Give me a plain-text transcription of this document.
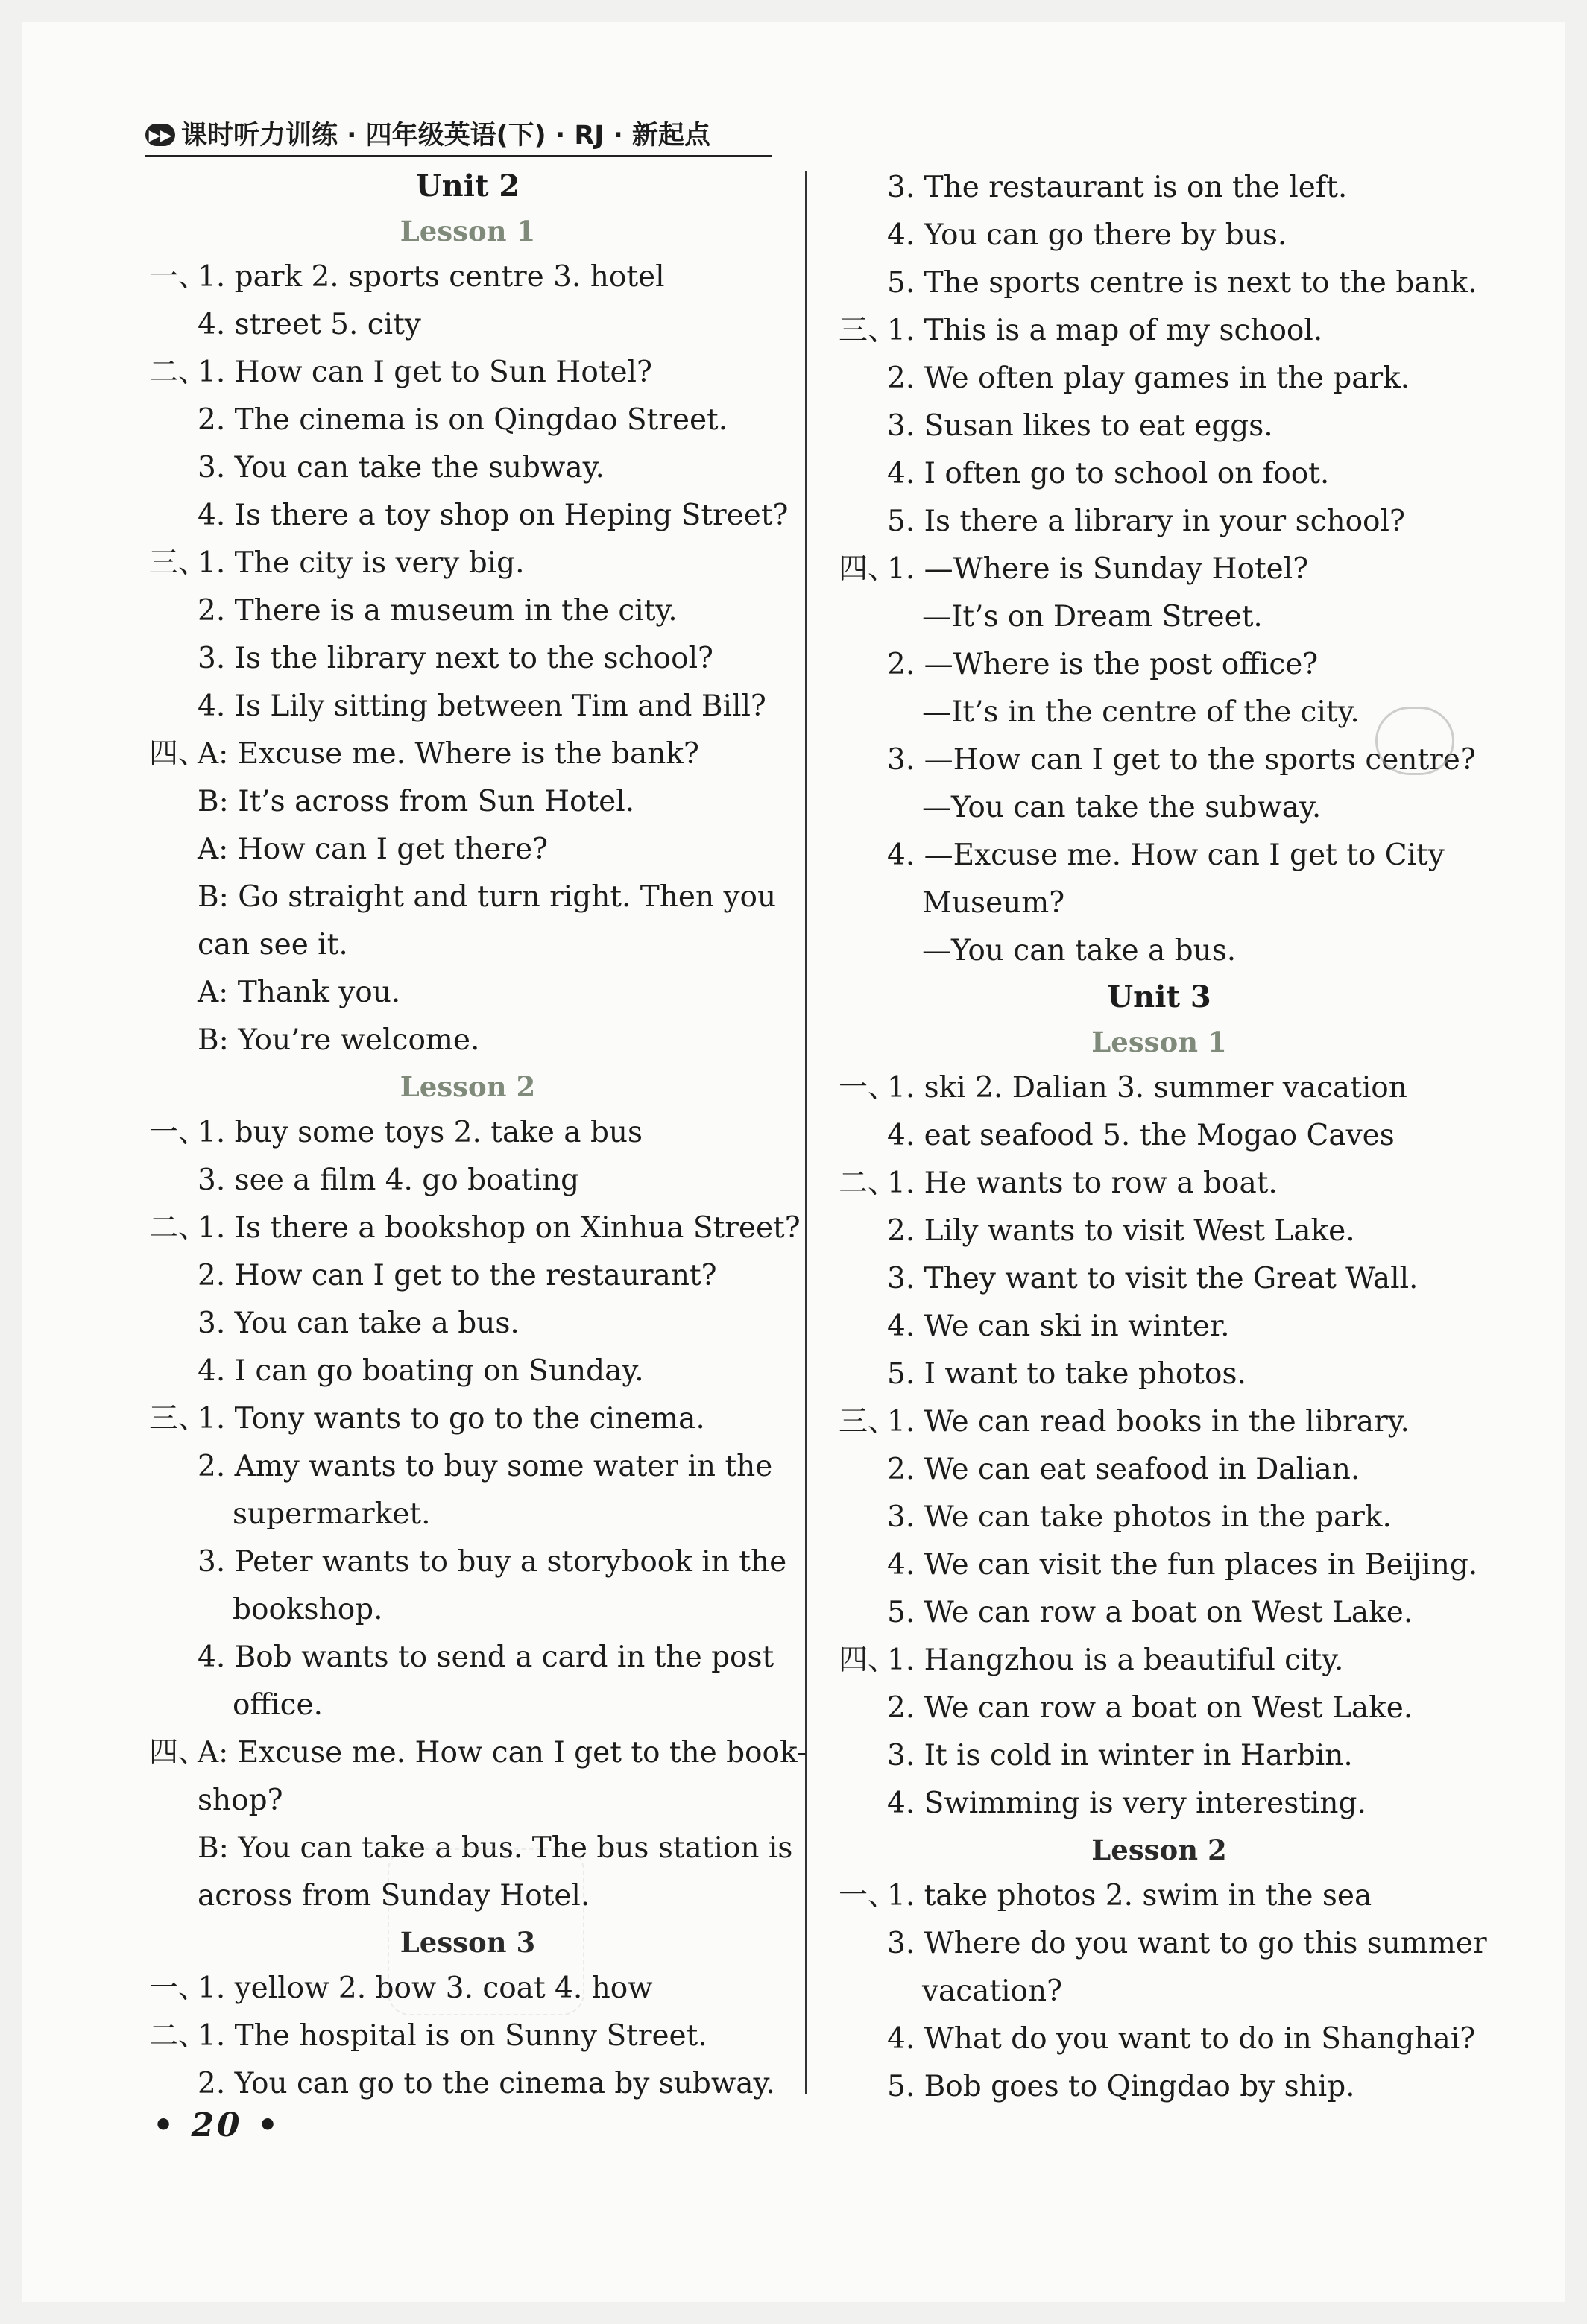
▶▶ 课时听力训练 · 四年级英语(下) · RJ · 新起点
Unit 2
Lesson 1
一、
1. park 2. sports centre 3. hotel
4. street 5. city
二、
1. How can I get to Sun Hotel?
2. The cinema is on Qingdao Street.
3. You can take the subway.
4. Is there a toy shop on Heping Street?
三、
1. The city is very big.
2. There is a museum in the city.
3. Is the library next to the school?
4. Is Lily sitting between Tim and Bill?
四、
A: Excuse me. Where is the bank?
B: It’s across from Sun Hotel.
A: How can I get there?
B: Go straight and turn right. Then you
can see it.
A: Thank you.
B: You’re welcome.
Lesson 2
一、
1. buy some toys 2. take a bus
3. see a film 4. go boating
二、
1. Is there a bookshop on Xinhua Street?
2. How can I get to the restaurant?
3. You can take a bus.
4. I can go boating on Sunday.
三、
1. Tony wants to go to the cinema.
2. Amy wants to buy some water in the
supermarket.
3. Peter wants to buy a storybook in the
bookshop.
4. Bob wants to send a card in the post
office.
四、
A: Excuse me. How can I get to the book-
shop?
B: You can take a bus. The bus station is
across from Sunday Hotel.
Lesson 3
一、
1. yellow 2. bow 3. coat 4. how
二、
1. The hospital is on Sunny Street.
2. You can go to the cinema by subway.
3. The restaurant is on the left.
4. You can go there by bus.
5. The sports centre is next to the bank.
三、
1. This is a map of my school.
2. We often play games in the park.
3. Susan likes to eat eggs.
4. I often go to school on foot.
5. Is there a library in your school?
四、
1. —Where is Sunday Hotel?
—It’s on Dream Street.
2. —Where is the post office?
—It’s in the centre of the city.
3. —How can I get to the sports centre?
—You can take the subway.
4. —Excuse me. How can I get to City
Museum?
—You can take a bus.
Unit 3
Lesson 1
一、
1. ski 2. Dalian 3. summer vacation
4. eat seafood 5. the Mogao Caves
二、
1. He wants to row a boat.
2. Lily wants to visit West Lake.
3. They want to visit the Great Wall.
4. We can ski in winter.
5. I want to take photos.
三、
1. We can read books in the library.
2. We can eat seafood in Dalian.
3. We can take photos in the park.
4. We can visit the fun places in Beijing.
5. We can row a boat on West Lake.
四、
1. Hangzhou is a beautiful city.
2. We can row a boat on West Lake.
3. It is cold in winter in Harbin.
4. Swimming is very interesting.
Lesson 2
一、
1. take photos 2. swim in the sea
3. Where do you want to go this summer
vacation?
4. What do you want to do in Shanghai?
5. Bob goes to Qingdao by ship.
• 20 •
